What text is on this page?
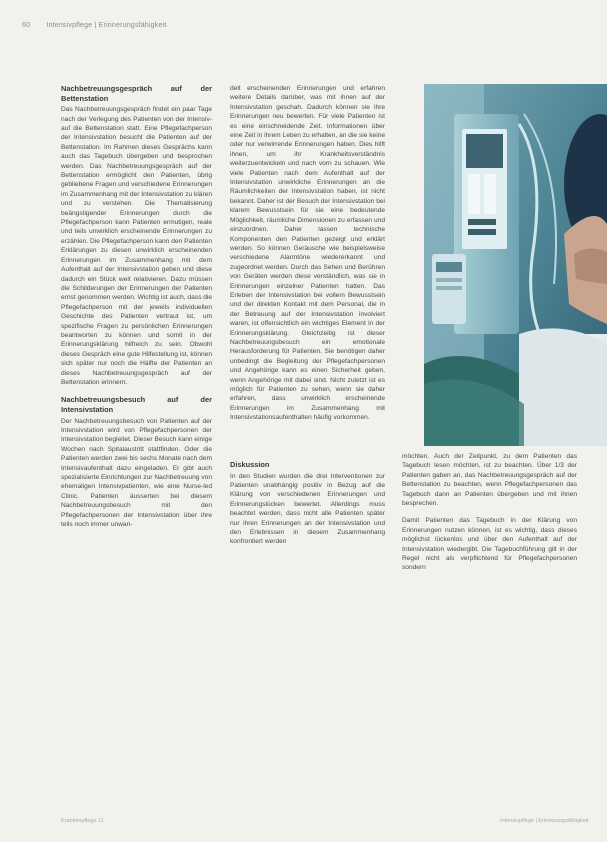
60 Intensivpflege | Erinnerungsfähigkeit
Nachbetreuungsgespräch auf der Bettenstation

Das Nachbetreuungsgespräch findet ein paar Tage nach der Verlegung des Patienten von der Intensiv- auf die Bettenstation statt. Eine Pflegefachperson der Intensivstation besucht die Patienten auf der Bettenstation. Im Rahmen dieses Gesprächs kann auch das Tagebuch übergeben und besprochen werden. Das Nachbetreuungsgespräch auf der Bettenstation ermöglicht den Patienten, übrig gebliebene Fragen und verschiedene Erinnerungen im Zusammenhang mit der Intensivstation zu klären und zu verstehen. Die Thematisierung beängstigender Erinnerungen durch die Pflegefachperson kann Patienten ermutigen, reale und teils unwirklich erscheinende Erinnerungen zu erzählen. Die Pflegefachperson kann den Patienten Erklärungen zu diesen unwirklich erscheinenden Erinnerungen im Zusammenhang mit dem Aufenthalt auf der Intensivstation geben und diese dadurch ein Stück weit relativieren. Dazu müssen die Schilderungen der Erinnerungen der Patienten ernst genommen werden. Wichtig ist auch, dass die Pflegefachperson mit der jeweils individuellen Geschichte des Patienten vertraut ist, um spezifische Fragen zu persönlichen Erinnerungen beantworten zu können und somit in der Erinnerungsklärung hilfreich zu sein. Obwohl dieses Gespräch eine gute Hilfestellung ist, können sich später nur noch die Hälfte der Patienten an dieses Nachbetreuungsgespräch auf der Bettenstation erinnern.

Nachbetreuungsbesuch auf der Intensivstation

Der Nachbetreuungsbesuch von Patienten auf der Intensivstation wird von Pflegefachpersonen der Intensivstation begleitet. Dieser Besuch kann einige Wochen nach Spitalaustritt stattfinden. Oder die Patienten werden zwei bis sechs Monate nach dem Intensivaufenthalt dazu eingeladen. Er gibt auch spezialisierte Einrichtungen zur Nachbetreuung von ehemaligen Intensivpatienten, wie eine Nurse-led Clinic. Patienten äusserten bei diesem Nachbetreuungsbesuch mit den Pflegefachpersonen der Intensivstation über ihre teils noch immer unwan-

delt erscheinenden Erinnerungen und erfahren weitere Details darüber, was mit ihnen auf der Intensivstation geschah. Dadurch können sie ihre Erinnerungen neu bewerten. Für viele Patienten ist es eine einschneidende Zeit. Informationen über eine Zeit in ihrem Leben zu erhalten, an die sie keine oder nur verwirrende Erinnerungen haben. Dies hilft ihnen, um ihr Krankheitsverständnis weiterzuentwickeln und nach vorn zu schauen. Wie viele Patienten nach dem Aufenthalt auf der Intensivstation unwirkliche Erinnerungen an die Räumlichkeiten der Intensivstation haben, ist nicht bekannt. Daher ist der Besuch der Intensivstation bei klarem Bewusstsein für sie eine bedeutende Möglichkeit, räumliche Dimensionen zu erfassen und einzuordnen. Daher lassen technische Komponenten den Patienten gezeigt und erklärt werden. So können Geräusche wie beispielsweise verschiedene Alarmtöne wiedererkannt und zugeordnet werden. Durch das Sehen und Berühren von Geräten werden diese verständlich, was sie in Erinnerungen einzelner Patienten hatten. Das Erleben der Intensivstation bei vollem Bewusstsein und der direkten Kontakt mit dem Personal, die in der Betreuung auf der Intensivstation involviert waren, ist offensichtlich ein wichtiges Element in der Erinnerungsklärung. Gleichzeitig ist dieser Nachbetreuungsbesuch ein emotionale Herausforderung für Patienten. Sie benötigen daher unbedingt die Begleitung der Pflegefachpersonen und Angehörige kann es einen Sicherheit geben, wenn Angehörige mit dabei sind. Nicht zuletzt ist es möglich für Patienten zu sehen, wenn sie daher erfahren, dass unwirklich erscheinende Erinnerungen im Zusammenhang mit Intensivstationsaufenthalten häufig vorkommen.

Diskussion

In den Studien wurden die drei Interventionen zur Patienten unabhängig positiv in Bezug auf die Klärung von verschiedenen Erinnerungen und Erinnerungslücken bewertet. Allerdings muss beachtet werden, dass nicht alle Patienten später nur ihren Erinnerungen an der Intensivstation und den Erlebnissen in diesem Zusammenhang konfrontiert werden

möchten. Auch der Zeitpunkt, zu dem Patienten das Tagebuch lesen möchten, ist zu beachten. Über 1/3 der Patienten gaben an, das Nachbetreuungsgespräch auf der Bettenstation zu beachten, wenn Pflegefachpersonen das Tagebuch dann an Patienten übergeben und mit ihnen besprechen.

Damit Patienten das Tagebuch in der Klärung von Erinnerungen nutzen können, ist es wichtig, dass dieses möglichst lückenlos und über den Aufenthalt auf der Intensivstation wiedergibt. Die Tagebuchführung gilt in der Regel nicht als verpflichtend für Pflegefachpersonen sondern

Krankenpflege 11	Intensivpflege | Erinnerungsfähigkeit
